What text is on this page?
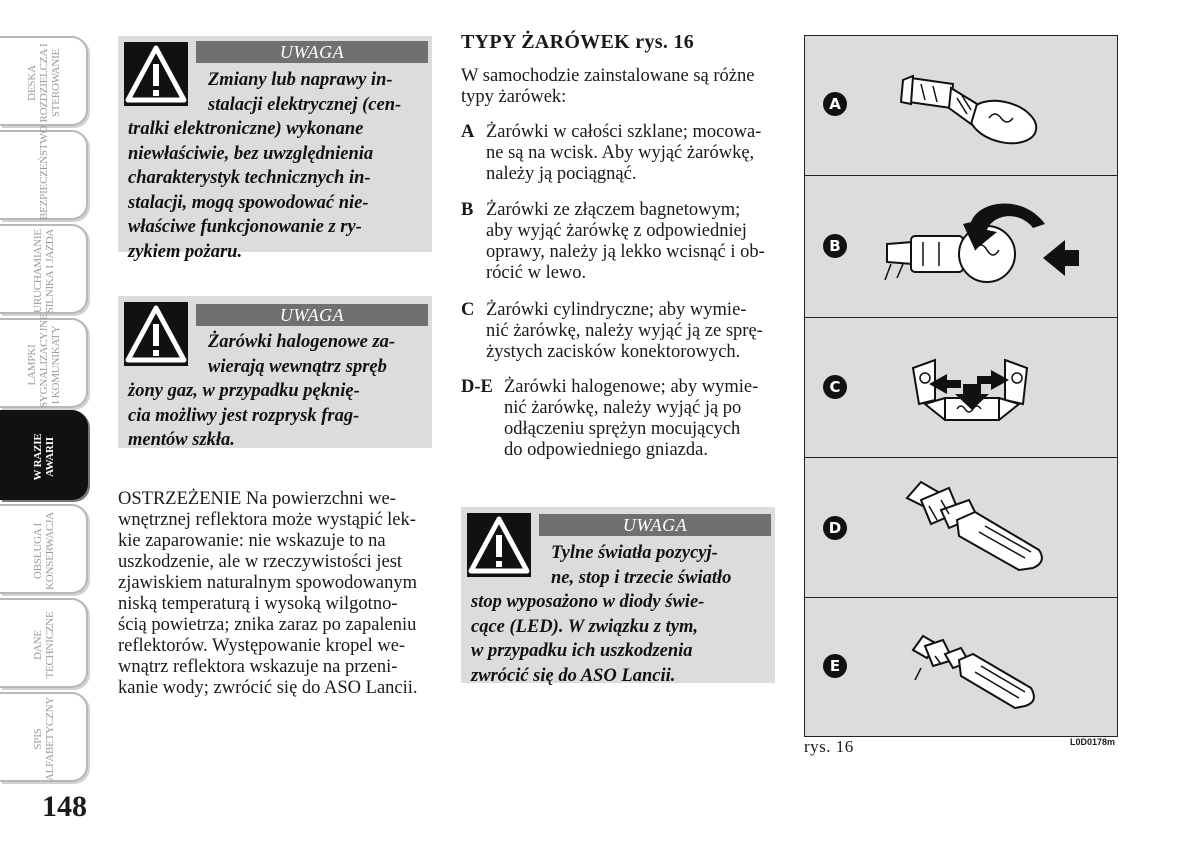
DESKA ROZDZIELCZA I STEROWANIE
BEZPIECZEŃSTWO
URUCHAMIANIE SILNIKA I JAZDA
LAMPKI SYGNALIZACYJNE I KOMUNIKATY
W RAZIE AWARII
OBSŁUGA I KONSERWACJA
DANE TECHNICZNE
SPIS ALFABETYCZNY
148
UWAGA
Zmiany lub naprawy in-
stalacji elektrycznej (cen-
tralki elektroniczne) wykonane
niewłaściwie, bez uwzględnienia
charakterystyk technicznych in-
stalacji, mogą spowodować nie-
właściwe funkcjonowanie z ry-
zykiem pożaru.
UWAGA
Żarówki halogenowe za-
wierają wewnątrz spręb
żony gaz, w przypadku pęknię-
cia możliwy jest rozprysk frag-
mentów szkła.
OSTRZEŻENIE Na powierzchni we-
wnętrznej reflektora może wystąpić lek-
kie zaparowanie: nie wskazuje to na
uszkodzenie, ale w rzeczywistości jest
zjawiskiem naturalnym spowodowanym
niską temperaturą i wysoką wilgotno-
ścią powietrza; znika zaraz po zapaleniu
reflektorów. Występowanie kropel we-
wnątrz reflektora wskazuje na przeni-
kanie wody; zwrócić się do ASO Lancii.
TYPY ŻARÓWEK rys. 16
W samochodzie zainstalowane są różne
typy żarówek:
A Żarówki w całości szklane; mocowa-
ne są na wcisk. Aby wyjąć żarówkę,
należy ją pociągnąć.
B Żarówki ze złączem bagnetowym;
aby wyjąć żarówkę z odpowiedniej
oprawy, należy ją lekko wcisnąć i ob-
rócić w lewo.
C Żarówki cylindryczne; aby wymie-
nić żarówkę, należy wyjąć ją ze sprę-
żystych zacisków konektorowych.
D-E Żarówki halogenowe; aby wymie-
nić żarówkę, należy wyjąć ją po
odłączeniu sprężyn mocujących
do odpowiedniego gniazda.
UWAGA
Tylne światła pozycyj-
ne, stop i trzecie światło
stop wyposażono w diody świe-
cące (LED). W związku z tym,
w przypadku ich uszkodzenia
zwrócić się do ASO Lancii.
A
B
C
D
E
rys. 16	L0D0178m
